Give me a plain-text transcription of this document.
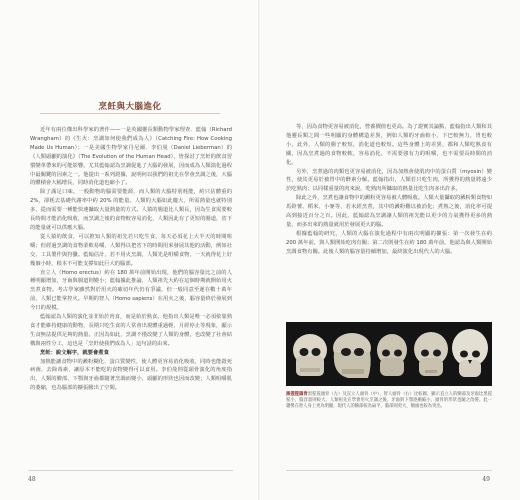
烹飪與大腦進化
近年有兩位傑出科學家的著作——一是英國靈長類動物學家理查．藍翰（Richard Wrangham）的《生火：烹調如何使我們成為人》（Catching Fire: How Cooking Made Us Human）；一是美國生物學家丹尼爾．李伯曼（Daniel Lieberman）的《人類頭顱的演化》（The Evolution of the Human Head），皆探討了烹飪的飲食習慣變革帶來的可能影響。尤其藍翰認為烹調促進了大腦的發展，因而成為人類演化過程中最關鍵的因素之一。他提出一系列證據，說明何以我們的祖先在學會烹調之後，大腦的體積會大幅增長，同時消化道也縮小了。
除了滿足口味，一般動物的腦需要能源，而人類的大腦特別耗能，約只佔體重的 2%，卻耗去基礎代謝率中約 20% 的能量。人類的大腦如此龐大，所需熱量也就特別多，從而需要一種能快速攝取大量熱量的方式。人猿的腸道比人類長，因為生食需要較長時間才能消化吸收，而烹調之後的食物較容易消化，人類因此有了更短的腸道，省下的能量就可以供應大腦。
從人猿的飲食，可以推知人類的祖先若只吃生食，每天必須花上大半天的時間咀嚼；但經過烹調的食物柔軟易嚼，人類得以把省下的時間用來發展其他的活動，例如社交、工具製作與狩獵。藍翰估計，若不用火烹調，人類光是咀嚼食物，一天就得花上好幾個小時，根本不可能支撐如此巨大的腦部。
直立人（Homo erectus）約在 180 萬年前開始出現，他們的腦容量比之前的人種明顯增加，牙齒與腸道則變小；藍翰據此推論，人類祖先大約在這個時期就開始用火烹煮食物。考古學家雖然對於用火的確切年代仍有爭議，但一般同意至遲在數十萬年前，人類已能掌控火。早期的智人（Homo sapiens）在用火之後，腦容量終於發展到今日的規模。
藍翰認為人類的演化並非始於肉食，而是始於熟食。他指出人類是唯一必須依靠熟食才能維持健康的動物，長期只吃生食的人常會出現體重過輕、月經停止等現象，顯示生食無法提供足夠的熱量。正因為如此，烹調不僅改變了人類的身體，也改變了社會結構與兩性分工，這也是「烹飪使我們成為人」這句話的由來。
烹飪：說文解字，就要會煮食
加熱能讓食物中的澱粉糊化、蛋白質變性，使人體更容易消化吸收，同時也能殺死病菌、去除毒素，讓原本不能吃的食物變得可以食用。李伯曼則從頭骨演化的角度指出，人類的臉部、下顎與牙齒都隨著烹調而變小，頭顱的形狀也因而改變；人類咀嚼肌的萎縮，也為腦部的擴張騰出了空間。
48
等，因為食物更容易被消化，營養價值也更高。為了證實其論點，藍翰指出人類和其他靈長類之間一些明顯的身體構造差異，例如人類的牙齒較小、下巴較無力，胃也較小，此外，人類的腸子較短，消化道也較短。這些身體上的差異，都和人類吃熟食有關，因為烹煮過的食物較軟，容易消化，不需要強有力的咀嚼，也不需要長時間的消化。
另外，烹煮過的肉類也更容易被消化，因為加熱會使肌肉中的蛋白質（myosin）變性，使其更易於被胃中的酵素分解。藍翰指出，人類若只吃生肉，所獲得的熱量將遠少於吃熟肉；以同樣重量的肉來說，吃熟肉所攝取的熱量比吃生肉多出許多。
除此之外，烹煮也讓食物中的澱粉更容易被人體吸收。人類大量攝取的澱粉類食物如馬鈴薯、稻米、小麥等，若未經烹煮，其中的澱粉難以被消化；煮熟之後，消化率可提高到接近百分之百。因此，藍翰認為烹調讓人類的祖先能以更少的力氣獲得更多的熱量，而多出來的熱量就用於發展更大的腦。
根據藍翰的研究，人類的大腦在演化過程中有兩次明顯的擴張：第一次發生在約 200 萬年前，與人類開始吃肉有關；第二次則發生在約 180 萬年前，他認為與人類開始烹調食物有關。此後人類的腦容量持續增加，最終演化出現代人的大腦。
黑猩猩頭骨黑猩猩頭骨（左）及直立人頭骨（中）、智人頭骨（右）比較圖，顯示直立人的臉部及牙齒比黑猩猩小，腦容量則較大。人類祖先在學會用火烹調之後，牙齒與下顎逐漸縮小，頭骨的形狀也隨之改變。此一趨勢在智人身上更為明顯，現代人的臉部較為扁平，腦部則更大，額頭也較為突出。
49
